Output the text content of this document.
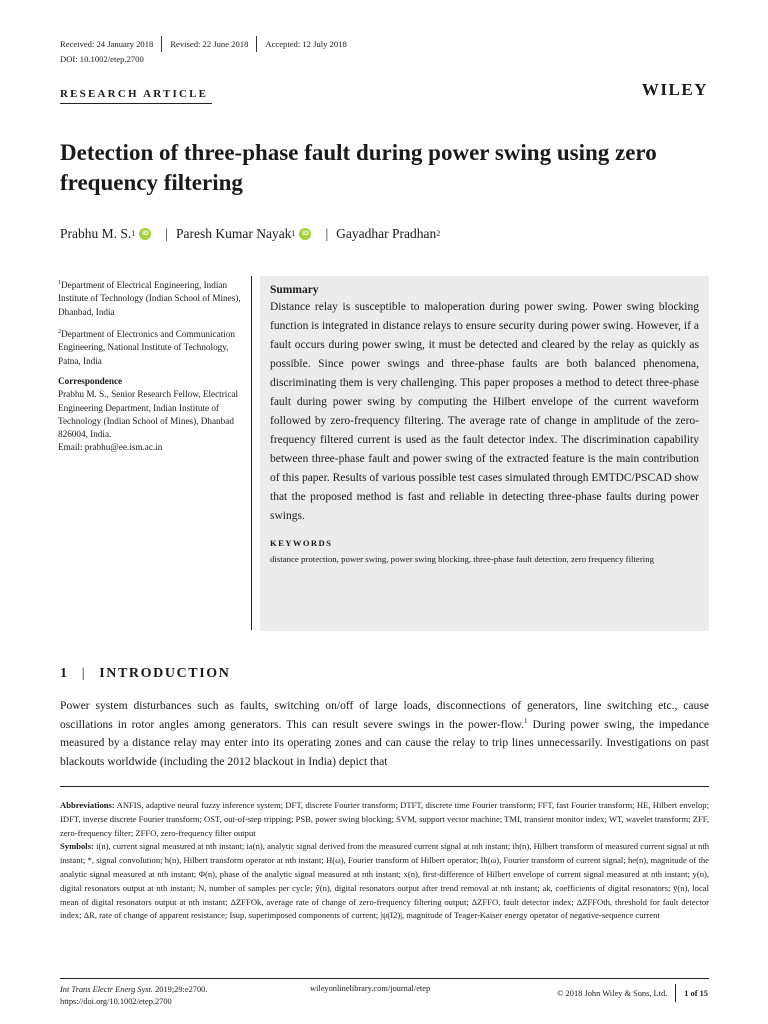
Received: 24 January 2018 Revised: 22 June 2018 Accepted: 12 July 2018
DOI: 10.1002/etep.2700
RESEARCH ARTICLE	WILEY
Detection of three-phase fault during power swing using zero frequency filtering
Prabhu M. S. 1	iD | Paresh Kumar Nayak 1	iD | Gayadhar Pradhan 2

$^1$Department of Electrical Engineering, Indian Institute of Technology (Indian School of Mines), Dhanbad, India

$^2$Department of Electronics and Communication Engineering, National Institute of Technology, Patna, India

Correspondence

Prabhu M. S., Senior Research Fellow, Electrical Engineering Department, Indian Institute of Technology (Indian School of Mines), Dhanbad 826004, India.
Email: prabhu@ee.ism.ac.in

Summary

Distance relay is susceptible to maloperation during power swing. Power swing blocking function is integrated in distance relays to ensure security during power swing. However, if a fault occurs during power swing, it must be detected and cleared by the relay as quickly as possible. Since power swings and three-phase faults are both balanced phenomena, discriminating them is very challenging. This paper proposes a method to detect three-phase fault during power swing by computing the Hilbert envelope of the current waveform followed by zero-frequency filtering. The average rate of change in amplitude of the zero-frequency filtered current is used as the fault detector index. The discrimination capability between three-phase fault and power swing of the extracted feature is the main contribution of this paper. Results of various possible test cases simulated through EMTDC/PSCAD show that the proposed method is fast and reliable in detecting three-phase faults during power swings.

KEYWORDS

distance protection, power swing, power swing blocking, three-phase fault detection, zero frequency filtering

1 | INTRODUCTION

Power system disturbances such as faults, switching on/off of large loads, disconnections of generators, line switching etc., cause oscillations in rotor angles among generators. This can result severe swings in the power-flow.$^1$ During power swing, the impedance measured by a distance relay may enter into its operating zones and can cause the relay to trip lines unnecessarily. Investigations on past blackouts worldwide (including the 2012 blackout in India) depict that

Abbreviations: ANFIS, adaptive neural fuzzy inference system; DFT, discrete Fourier transform; DTFT, discrete time Fourier transform; FFT, fast Fourier transform; HE, Hilbert envelop; IDFT, inverse discrete Fourier transform; OST, out-of-step tripping; PSB, power swing blocking; SVM, support vector machine; TMI, transient monitor index; WT, wavelet transform; ZFF, zero-frequency filter; ZFFO, zero-frequency filter output
Symbols: i(n), current signal measured at nth instant; ia(n), analytic signal derived from the measured current signal at nth instant; ih(n), Hilbert transform of measured current signal at nth instant; *, signal convolution; h(n), Hilbert transform operator at nth instant; H(ω), Fourier transform of Hilbert operator; Ih(ω), Fourier transform of current signal; he(n), magnitude of the analytic signal measured at nth instant; Φ(n), phase of the analytic signal measured at nth instant; x(n), first-difference of Hilbert envelope of current signal measured at nth instant; y(n), digital resonators output at nth instant; N, number of samples per cycle; ŷ(n), digital resonators output after trend removal at nth instant; ak, coefficients of digital resonators; ȳ(n), local mean of digital resonators output at nth instant; ΔZFFOk, average rate of change of zero-frequency filtering output; ΔZFFO, fault detector index; ΔZFFOth, threshold for fault detector index; ΔR, rate of change of apparent resistance; Isup, superimposed components of current; |ψ(I2)|, magnitude of Teager-Kaiser energy operator of negative-sequence current

Int Trans Electr Energ Syst. 2019;29:e2700.
https://doi.org/10.1002/etep.2700
wileyonlinelibrary.com/journal/etep	© 2018 John Wiley & Sons, Ltd. 1 of 15
